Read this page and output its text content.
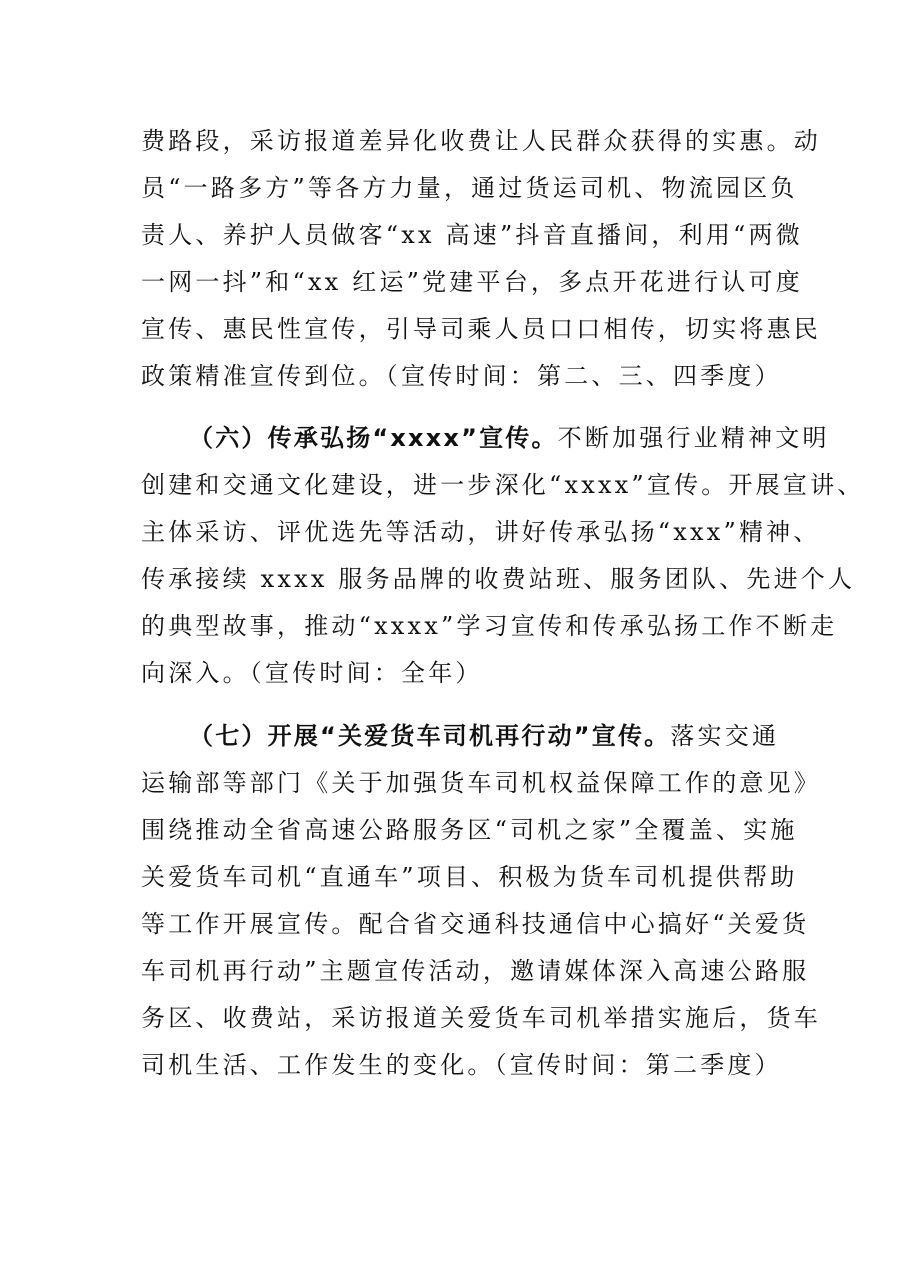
费路段，采访报道差异化收费让人民群众获得的实惠。动
员“一路多方”等各方力量，通过货运司机、物流园区负
责人、养护人员做客“xx 高速”抖音直播间，利用“两微
一网一抖”和“xx 红运”党建平台，多点开花进行认可度
宣传、惠民性宣传，引导司乘人员口口相传，切实将惠民
政策精准宣传到位。（宣传时间：第二、三、四季度）
（六）传承弘扬“xxxx”宣传。不断加强行业精神文明
创建和交通文化建设，进一步深化“xxxx”宣传。开展宣讲、
主体采访、评优选先等活动，讲好传承弘扬“xxx”精神、
传承接续 xxxx 服务品牌的收费站班、服务团队、先进个人
的典型故事，推动“xxxx”学习宣传和传承弘扬工作不断走
向深入。（宣传时间：全年）
（七）开展“关爱货车司机再行动”宣传。落实交通
运输部等部门《关于加强货车司机权益保障工作的意见》
围绕推动全省高速公路服务区“司机之家”全覆盖、实施
关爱货车司机“直通车”项目、积极为货车司机提供帮助
等工作开展宣传。配合省交通科技通信中心搞好“关爱货
车司机再行动”主题宣传活动，邀请媒体深入高速公路服
务区、收费站，采访报道关爱货车司机举措实施后，货车
司机生活、工作发生的变化。（宣传时间：第二季度）
